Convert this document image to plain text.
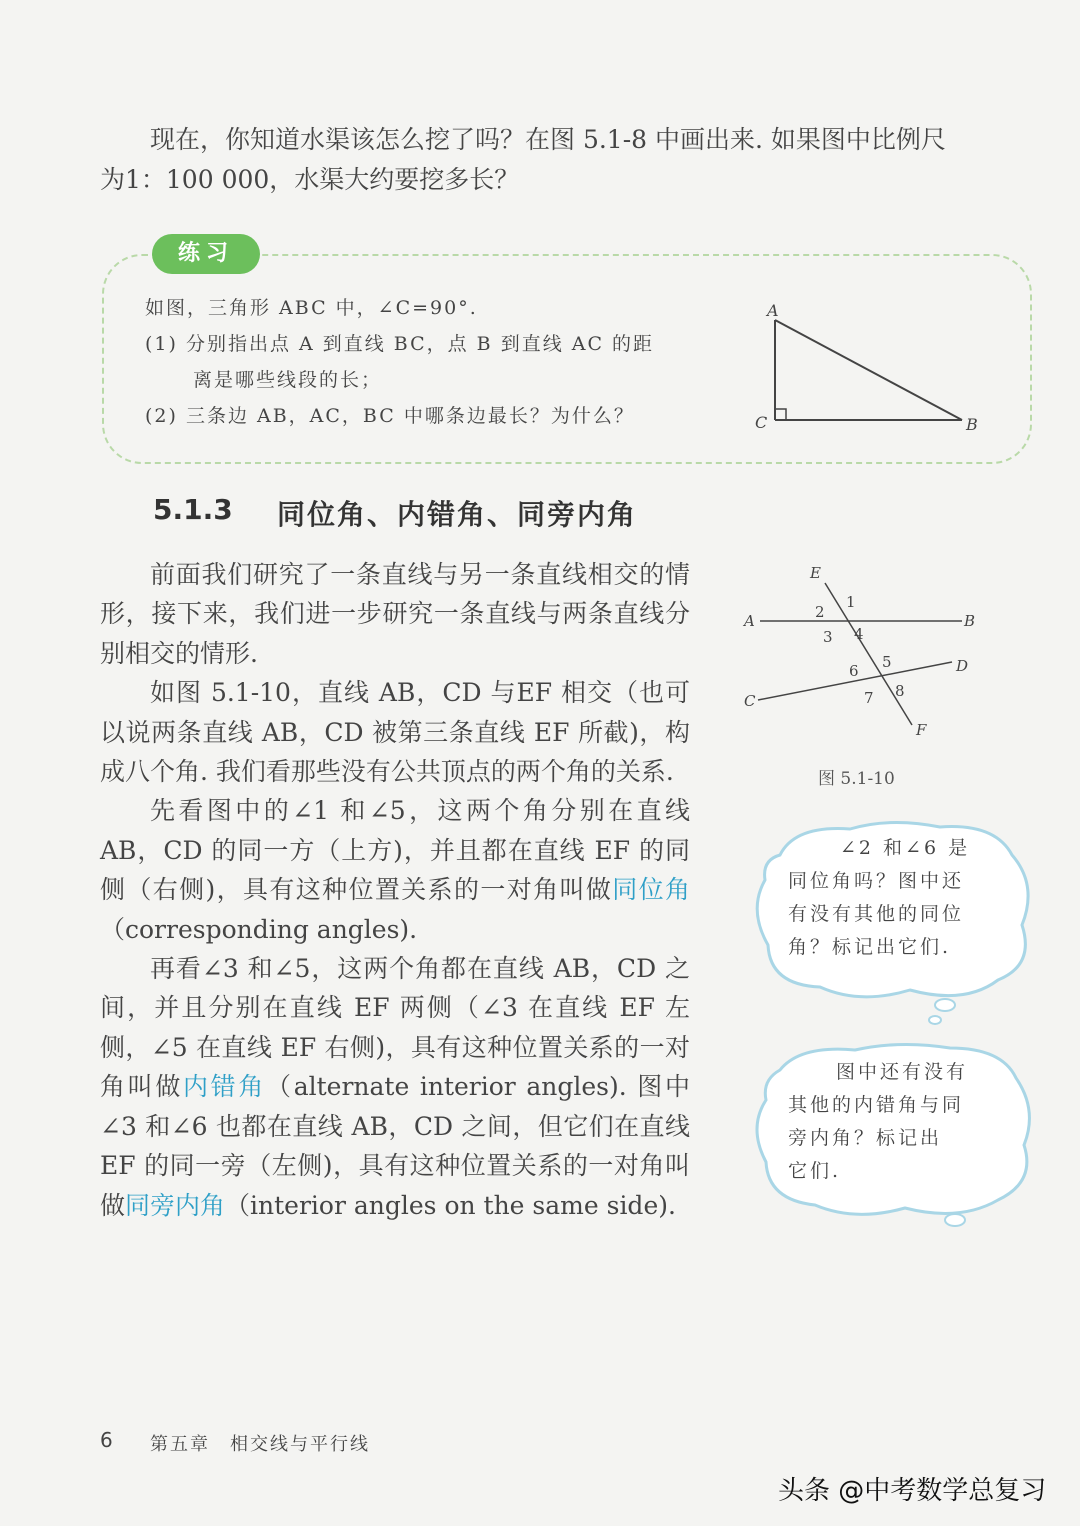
现在，你知道水渠该怎么挖了吗？在图 5.1-8 中画出来. 如果图中比例尺
为1：100 000，水渠大约要挖多长？
练习
如图，三角形 ABC 中，∠C=90°.
(1) 分别指出点 A 到直线 BC，点 B 到直线 AC 的距
离是哪些线段的长；
(2) 三条边 AB，AC，BC 中哪条边最长？为什么？
A
C	B
5.1.3 同位角、内错角、同旁内角

前面我们研究了一条直线与另一条直线相交的情形，接下来，我们进一步研究一条直线与两条直线分别相交的情形.

如图 5.1-10，直线 AB，CD 与EF 相交（也可以说两条直线 AB，CD 被第三条直线 EF 所截)，构成八个角. 我们看那些没有公共顶点的两个角的关系.

先看图中的∠1 和∠5，这两个角分别在直线 AB，CD 的同一方（上方)，并且都在直线 EF 的同侧（右侧)，具有这种位置关系的一对角叫做同位角（corresponding angles).

再看∠3 和∠5，这两个角都在直线 AB，CD 之间，并且分别在直线 EF 两侧（∠3 在直线 EF 左侧，∠5 在直线 EF 右侧)，具有这种位置关系的一对角叫做内错角（alternate interior angles). 图中∠3 和∠6 也都在直线 AB，CD 之间，但它们在直线 EF 的同一旁（左侧)，具有这种位置关系的一对角叫做同旁内角（interior angles on the same side).

E
F
A	B
C
D
1
2
3 4
5
6
7 8
图 5.1-10
∠2 和∠6 是
同位角吗？图中还
有没有其他的同位
角？标记出它们.
图中还有没有
其他的内错角与同
旁内角？标记出
它们.
6 第五章　相交线与平行线
头条 @中考数学总复习
